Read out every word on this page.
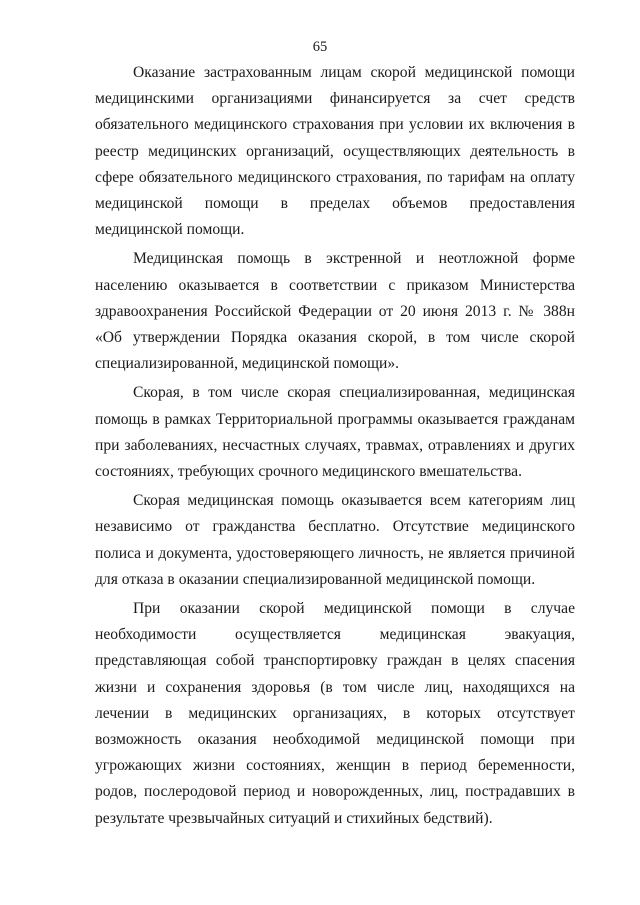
65

Оказание застрахованным лицам скорой медицинской помощи медицинскими организациями финансируется за счет средств обязательного медицинского страхования при условии их включения в реестр медицинских организаций, осуществляющих деятельность в сфере обязательного медицинского страхования, по тарифам на оплату медицинской помощи в пределах объемов предоставления медицинской помощи.

Медицинская помощь в экстренной и неотложной форме населению оказывается в соответствии с приказом Министерства здравоохранения Российской Федерации от 20 июня 2013 г. № 388н «Об утверждении Порядка оказания скорой, в том числе скорой специализированной, медицинской помощи».

Скорая, в том числе скорая специализированная, медицинская помощь в рамках Территориальной программы оказывается гражданам при заболеваниях, несчастных случаях, травмах, отравлениях и других состояниях, требующих срочного медицинского вмешательства.

Скорая медицинская помощь оказывается всем категориям лиц независимо от гражданства бесплатно. Отсутствие медицинского полиса и документа, удостоверяющего личность, не является причиной для отказа в оказании специализированной медицинской помощи.

При оказании скорой медицинской помощи в случае необходимости осуществляется медицинская эвакуация, представляющая собой транспортировку граждан в целях спасения жизни и сохранения здоровья (в том числе лиц, находящихся на лечении в медицинских организациях, в которых отсутствует возможность оказания необходимой медицинской помощи при угрожающих жизни состояниях, женщин в период беременности, родов, послеродовой период и новорожденных, лиц, пострадавших в результате чрезвычайных ситуаций и стихийных бедствий).
